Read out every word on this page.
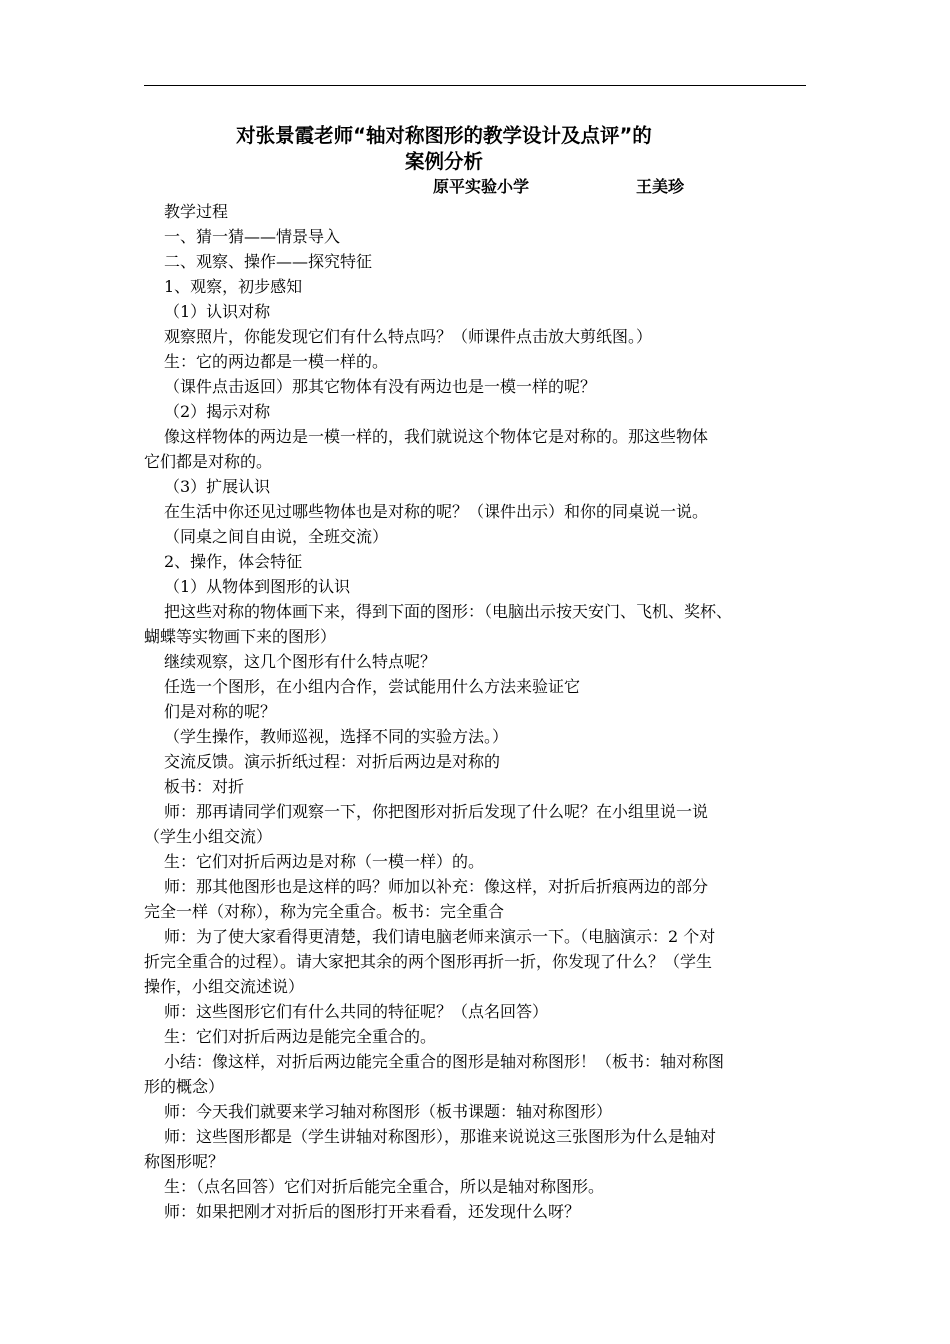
对张景霞老师“轴对称图形的教学设计及点评”的
案例分析
原平实验小学	王美珍

教学过程

一、猜一猜——情景导入

二、观察、操作——探究特征

1、观察，初步感知

（1）认识对称

观察照片，你能发现它们有什么特点吗？（师课件点击放大剪纸图。）

生：它的两边都是一模一样的。

（课件点击返回）那其它物体有没有两边也是一模一样的呢？

（2）揭示对称

像这样物体的两边是一模一样的，我们就说这个物体它是对称的。那这些物体
它们都是对称的。

（3）扩展认识

在生活中你还见过哪些物体也是对称的呢？（课件出示）和你的同桌说一说。

（同桌之间自由说，全班交流）

2、操作，体会特征

（1）从物体到图形的认识

把这些对称的物体画下来，得到下面的图形：（电脑出示按天安门、飞机、奖杯、
蝴蝶等实物画下来的图形）

继续观察，这几个图形有什么特点呢？

任选一个图形，在小组内合作，尝试能用什么方法来验证它

们是对称的呢？

（学生操作，教师巡视，选择不同的实验方法。）

交流反馈。演示折纸过程：对折后两边是对称的

板书：对折

师：那再请同学们观察一下，你把图形对折后发现了什么呢？在小组里说一说
（学生小组交流）

生：它们对折后两边是对称（一模一样）的。

师：那其他图形也是这样的吗？师加以补充：像这样，对折后折痕两边的部分
完全一样（对称），称为完全重合。板书：完全重合

师：为了使大家看得更清楚，我们请电脑老师来演示一下。（电脑演示：2 个对
折完全重合的过程）。请大家把其余的两个图形再折一折，你发现了什么？（学生
操作，小组交流述说）

师：这些图形它们有什么共同的特征呢？（点名回答）

生：它们对折后两边是能完全重合的。

小结：像这样，对折后两边能完全重合的图形是轴对称图形！（板书：轴对称图
形的概念）

师：今天我们就要来学习轴对称图形（板书课题：轴对称图形）

师：这些图形都是（学生讲轴对称图形），那谁来说说这三张图形为什么是轴对
称图形呢？

生：（点名回答）它们对折后能完全重合，所以是轴对称图形。

师：如果把刚才对折后的图形打开来看看，还发现什么呀？
